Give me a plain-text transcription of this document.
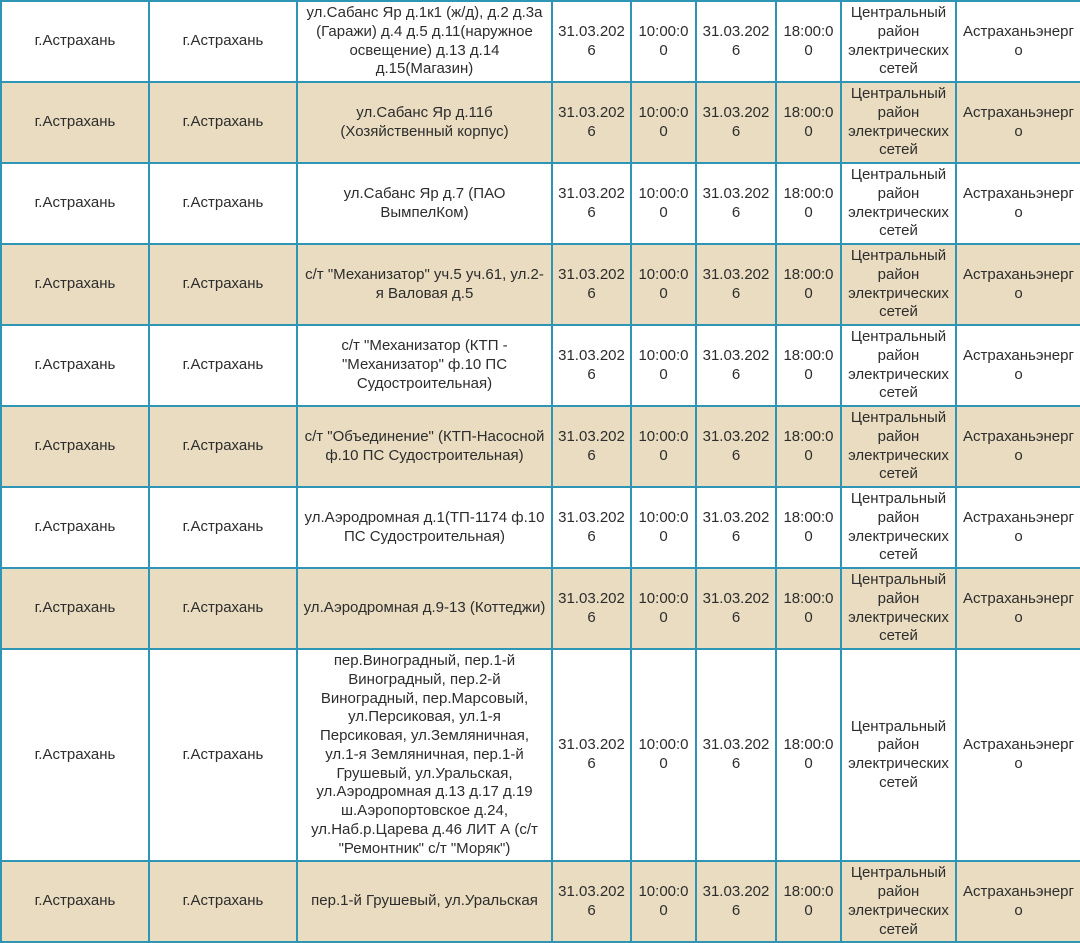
г.Астрахань	г.Астрахань	ул.Сабанс Яр д.1к1 (ж/д), д.2 д.3а (Гаражи) д.4 д.5 д.11(наружное освещение) д.13 д.14 д.15(Магазин)	31.03.2026	10:00:00	31.03.2026	18:00:00	Центральный район электрических сетей	Астраханьэнерго
г.Астрахань	г.Астрахань	ул.Сабанс Яр д.11б (Хозяйственный корпус)	31.03.2026	10:00:00	31.03.2026	18:00:00	Центральный район электрических сетей	Астраханьэнерго
г.Астрахань	г.Астрахань	ул.Сабанс Яр д.7 (ПАО ВымпелКом)	31.03.2026	10:00:00	31.03.2026	18:00:00	Центральный район электрических сетей	Астраханьэнерго
г.Астрахань	г.Астрахань	с/т "Механизатор" уч.5 уч.61, ул.2-я Валовая д.5	31.03.2026	10:00:00	31.03.2026	18:00:00	Центральный район электрических сетей	Астраханьэнерго
г.Астрахань	г.Астрахань	с/т "Механизатор (КТП - "Механизатор" ф.10 ПС Судостроительная)	31.03.2026	10:00:00	31.03.2026	18:00:00	Центральный район электрических сетей	Астраханьэнерго
г.Астрахань	г.Астрахань	с/т "Объединение" (КТП-Насосной ф.10 ПС Судостроительная)	31.03.2026	10:00:00	31.03.2026	18:00:00	Центральный район электрических сетей	Астраханьэнерго
г.Астрахань	г.Астрахань	ул.Аэродромная д.1(ТП-1174 ф.10 ПС Судостроительная)	31.03.2026	10:00:00	31.03.2026	18:00:00	Центральный район электрических сетей	Астраханьэнерго
г.Астрахань	г.Астрахань	ул.Аэродромная д.9-13 (Коттеджи)	31.03.2026	10:00:00	31.03.2026	18:00:00	Центральный район электрических сетей	Астраханьэнерго
г.Астрахань	г.Астрахань	пер.Виноградный, пер.1-й Виноградный, пер.2-й Виноградный, пер.Марсовый, ул.Персиковая, ул.1-я Персиковая, ул.Земляничная, ул.1-я Земляничная, пер.1-й Грушевый, ул.Уральская, ул.Аэродромная д.13 д.17 д.19 ш.Аэропортовское д.24, ул.Наб.р.Царева д.46 ЛИТ А (с/т "Ремонтник" с/т "Моряк")	31.03.2026	10:00:00	31.03.2026	18:00:00	Центральный район электрических сетей	Астраханьэнерго
г.Астрахань	г.Астрахань	пер.1-й Грушевый, ул.Уральская	31.03.2026	10:00:00	31.03.2026	18:00:00	Центральный район электрических сетей	Астраханьэнерго
